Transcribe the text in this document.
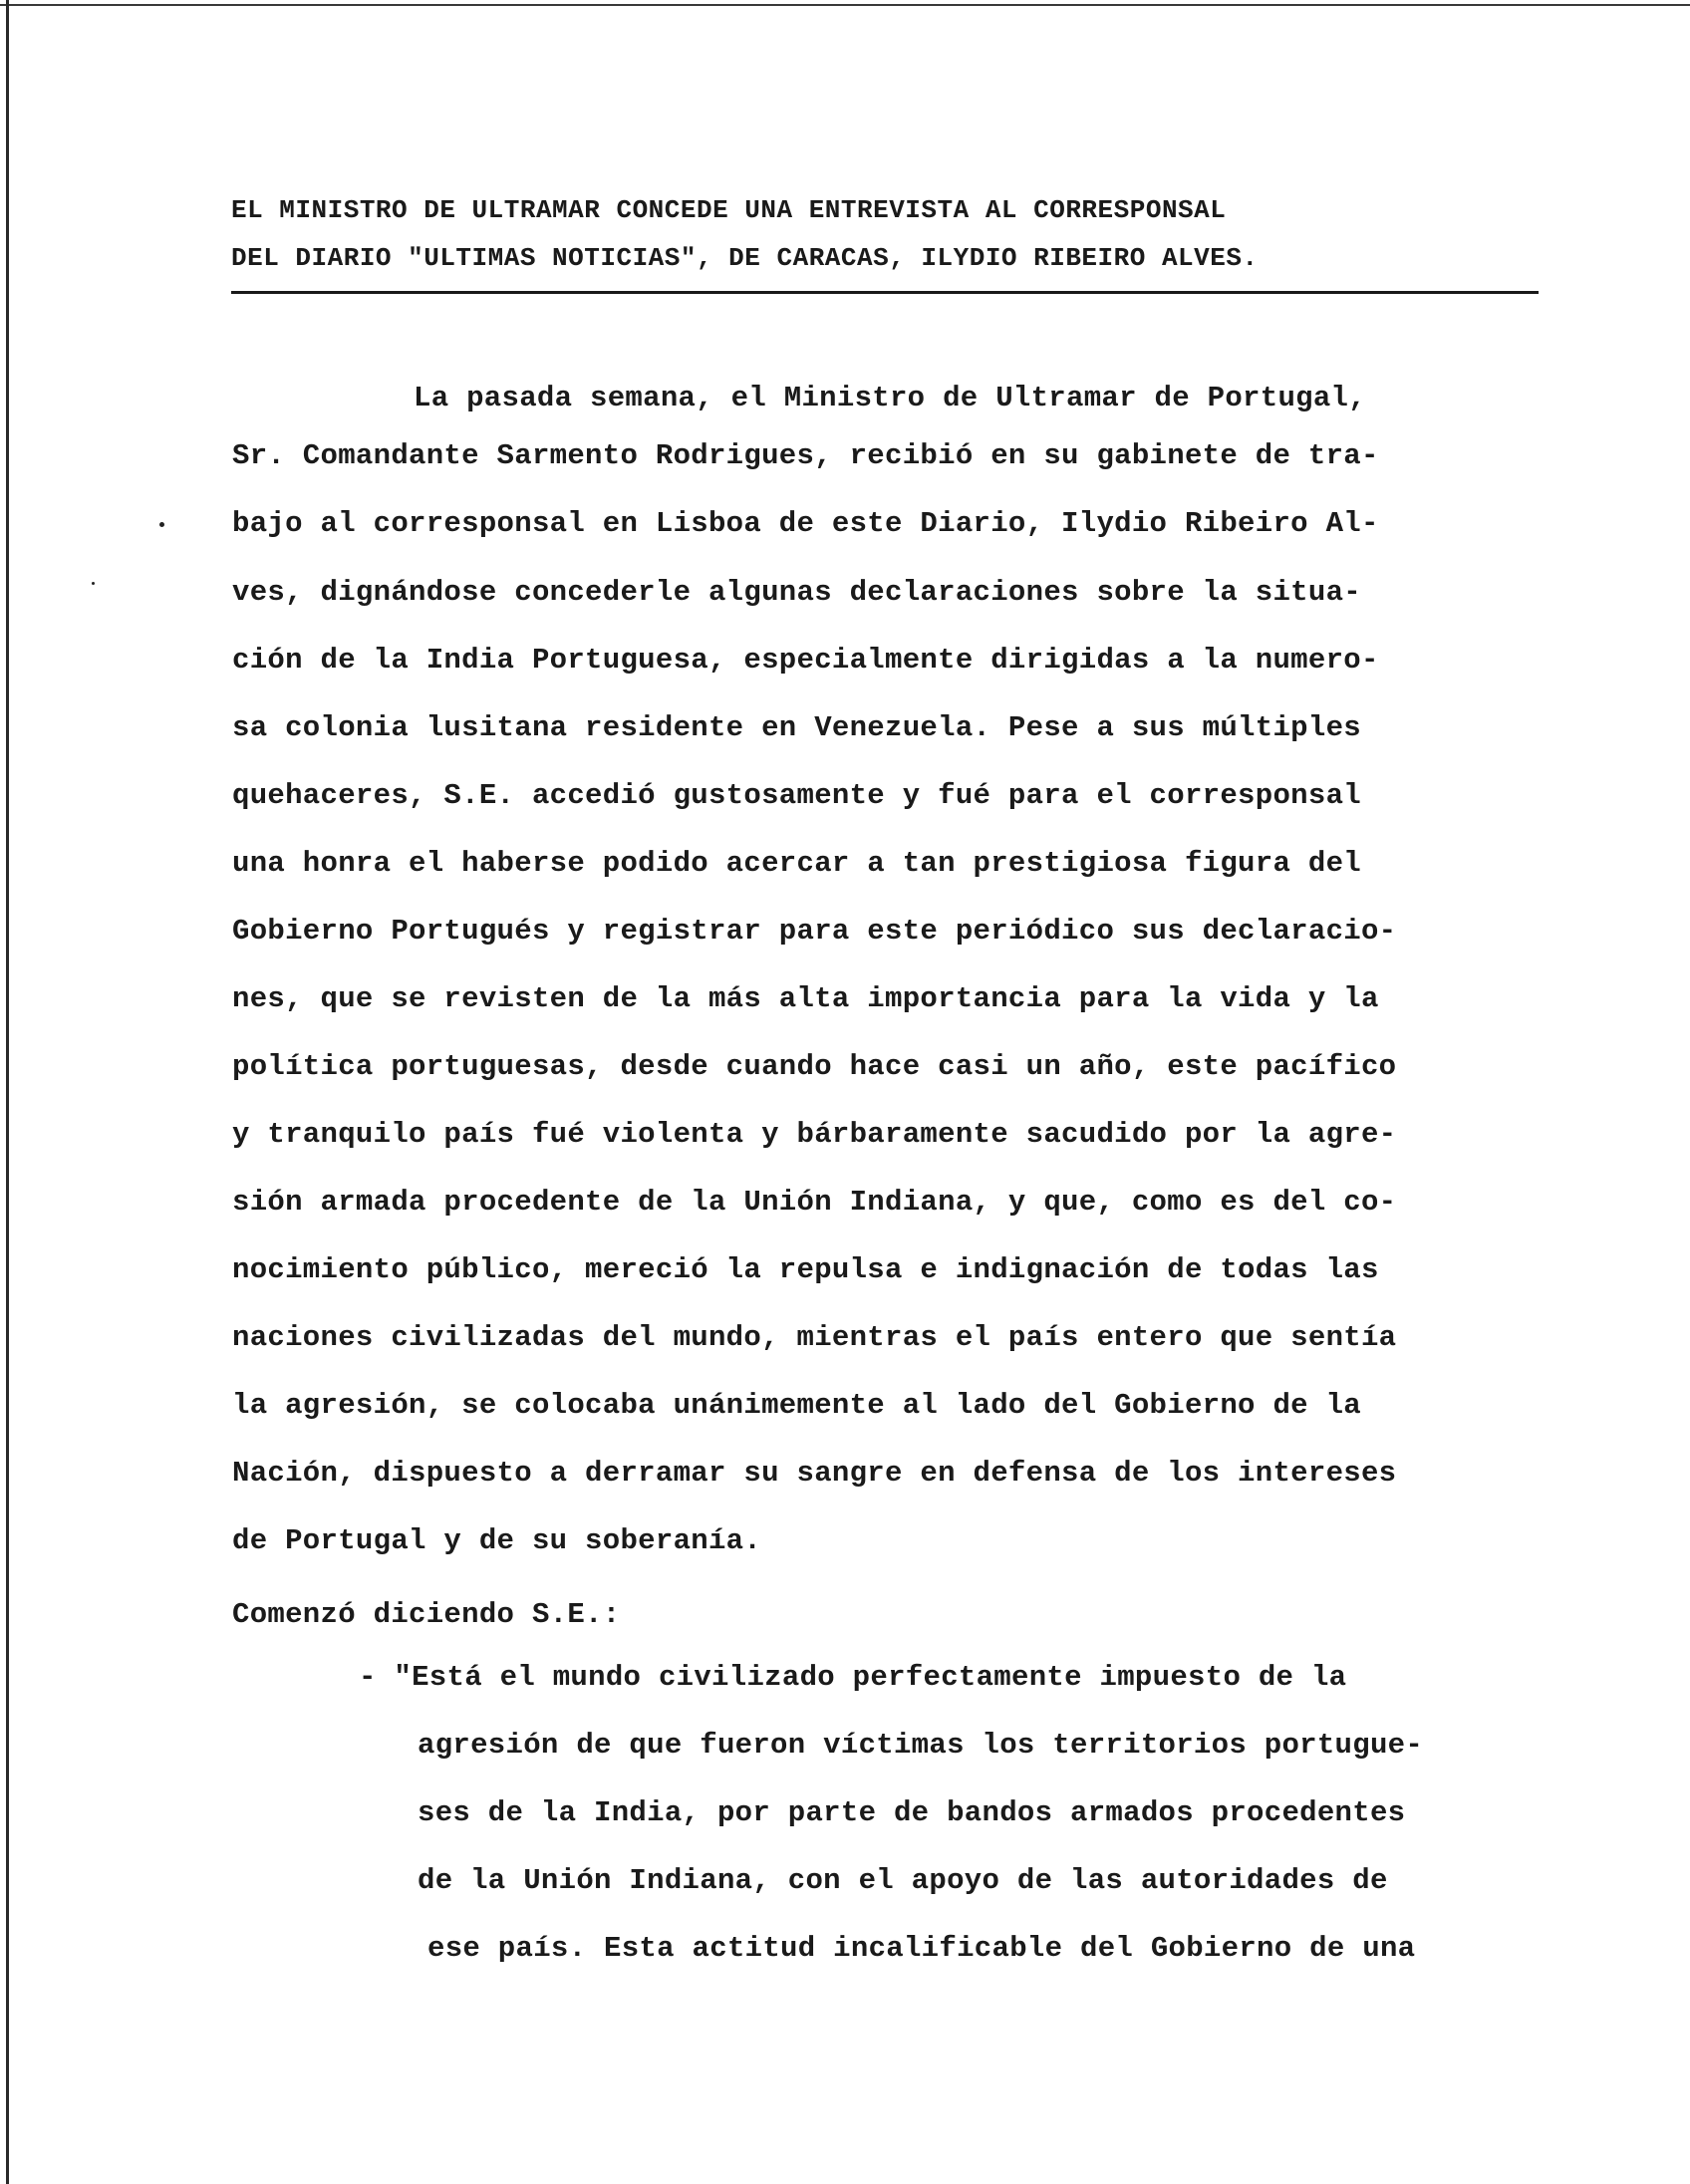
EL MINISTRO DE ULTRAMAR CONCEDE UNA ENTREVISTA AL CORRESPONSAL
DEL DIARIO "ULTIMAS NOTICIAS", DE CARACAS, ILYDIO RIBEIRO ALVES.
La pasada semana, el Ministro de Ultramar de Portugal,
Sr. Comandante Sarmento Rodrigues, recibió en su gabinete de tra-
bajo al corresponsal en Lisboa de este Diario, Ilydio Ribeiro Al-
ves, dignándose concederle algunas declaraciones sobre la situa-
ción de la India Portuguesa, especialmente dirigidas a la numero-
sa colonia lusitana residente en Venezuela. Pese a sus múltiples
quehaceres, S.E. accedió gustosamente y fué para el corresponsal
una honra el haberse podido acercar a tan prestigiosa figura del
Gobierno Portugués y registrar para este periódico sus declaracio-
nes, que se revisten de la más alta importancia para la vida y la
política portuguesas, desde cuando hace casi un año, este pacífico
y tranquilo país fué violenta y bárbaramente sacudido por la agre-
sión armada procedente de la Unión Indiana, y que, como es del co-
nocimiento público, mereció la repulsa e indignación de todas las
naciones civilizadas del mundo, mientras el país entero que sentía
la agresión, se colocaba unánimemente al lado del Gobierno de la
Nación, dispuesto a derramar su sangre en defensa de los intereses
de Portugal y de su soberanía.
Comenzó diciendo S.E.:
- "Está el mundo civilizado perfectamente impuesto de la
agresión de que fueron víctimas los territorios portugue-
ses de la India, por parte de bandos armados procedentes
de la Unión Indiana, con el apoyo de las autoridades de
ese país. Esta actitud incalificable del Gobierno de una
